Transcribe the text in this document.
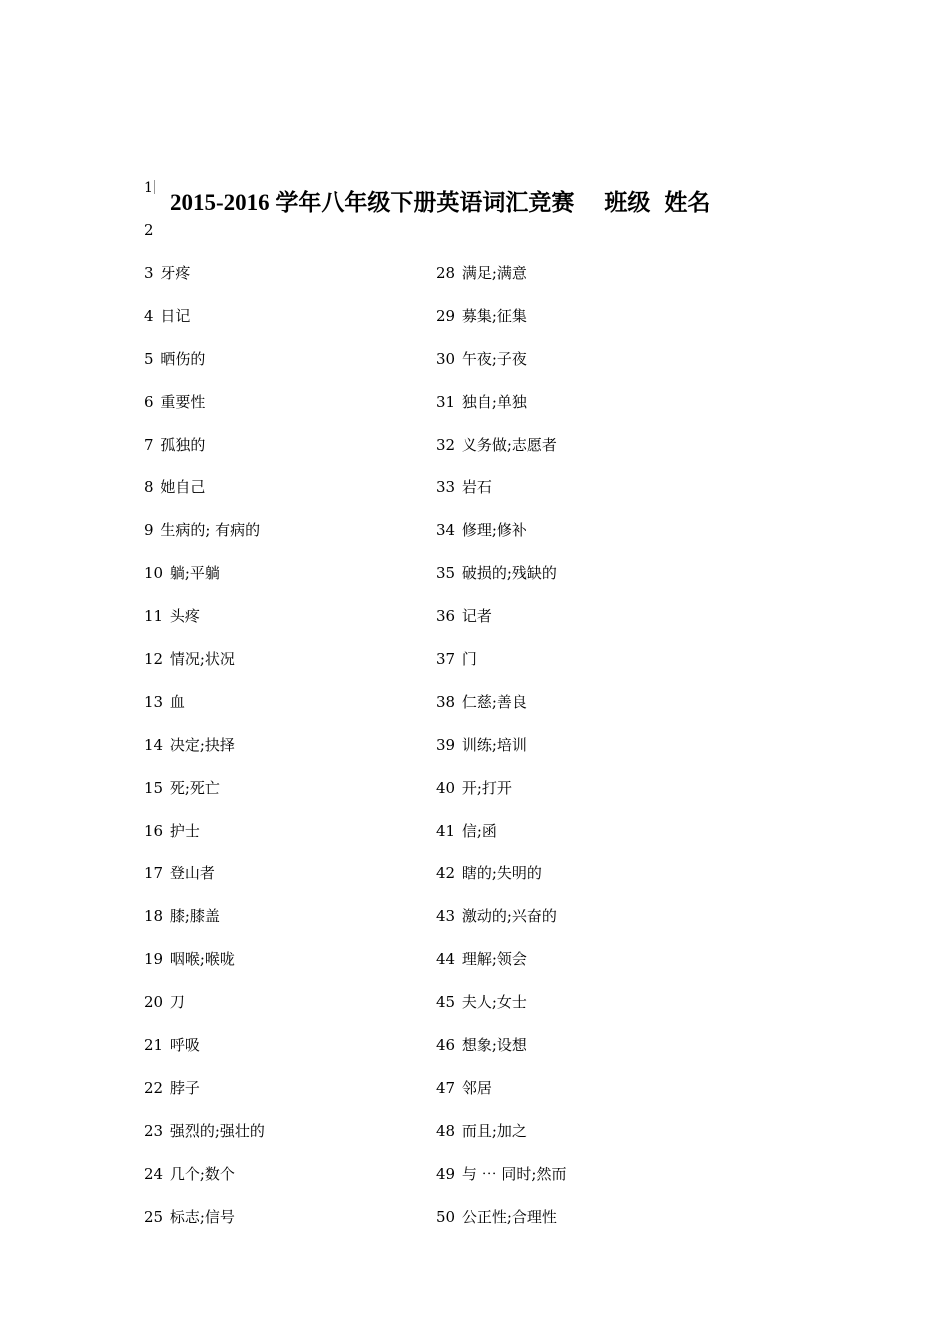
1
2015-2016 学年八年级下册英语词汇竞赛 班级 姓名
2
3 牙疼
4 日记
5 晒伤的
6 重要性
7 孤独的
8 她自己
9 生病的; 有病的
10 躺;平躺
11 头疼
12 情况;状况
13 血
14 决定;抉择
15 死;死亡
16 护士
17 登山者
18 膝;膝盖
19 咽喉;喉咙
20 刀
21 呼吸
22 脖子
23 强烈的;强壮的
24 几个;数个
25 标志;信号
28 满足;满意
29 募集;征集
30 午夜;子夜
31 独自;单独
32 义务做;志愿者
33 岩石
34 修理;修补
35 破损的;残缺的
36 记者
37 门
38 仁慈;善良
39 训练;培训
40 开;打开
41 信;函
42 瞎的;失明的
43 激动的;兴奋的
44 理解;领会
45 夫人;女士
46 想象;设想
47 邻居
48 而且;加之
49 与 ⋯ 同时;然而
50 公正性;合理性
